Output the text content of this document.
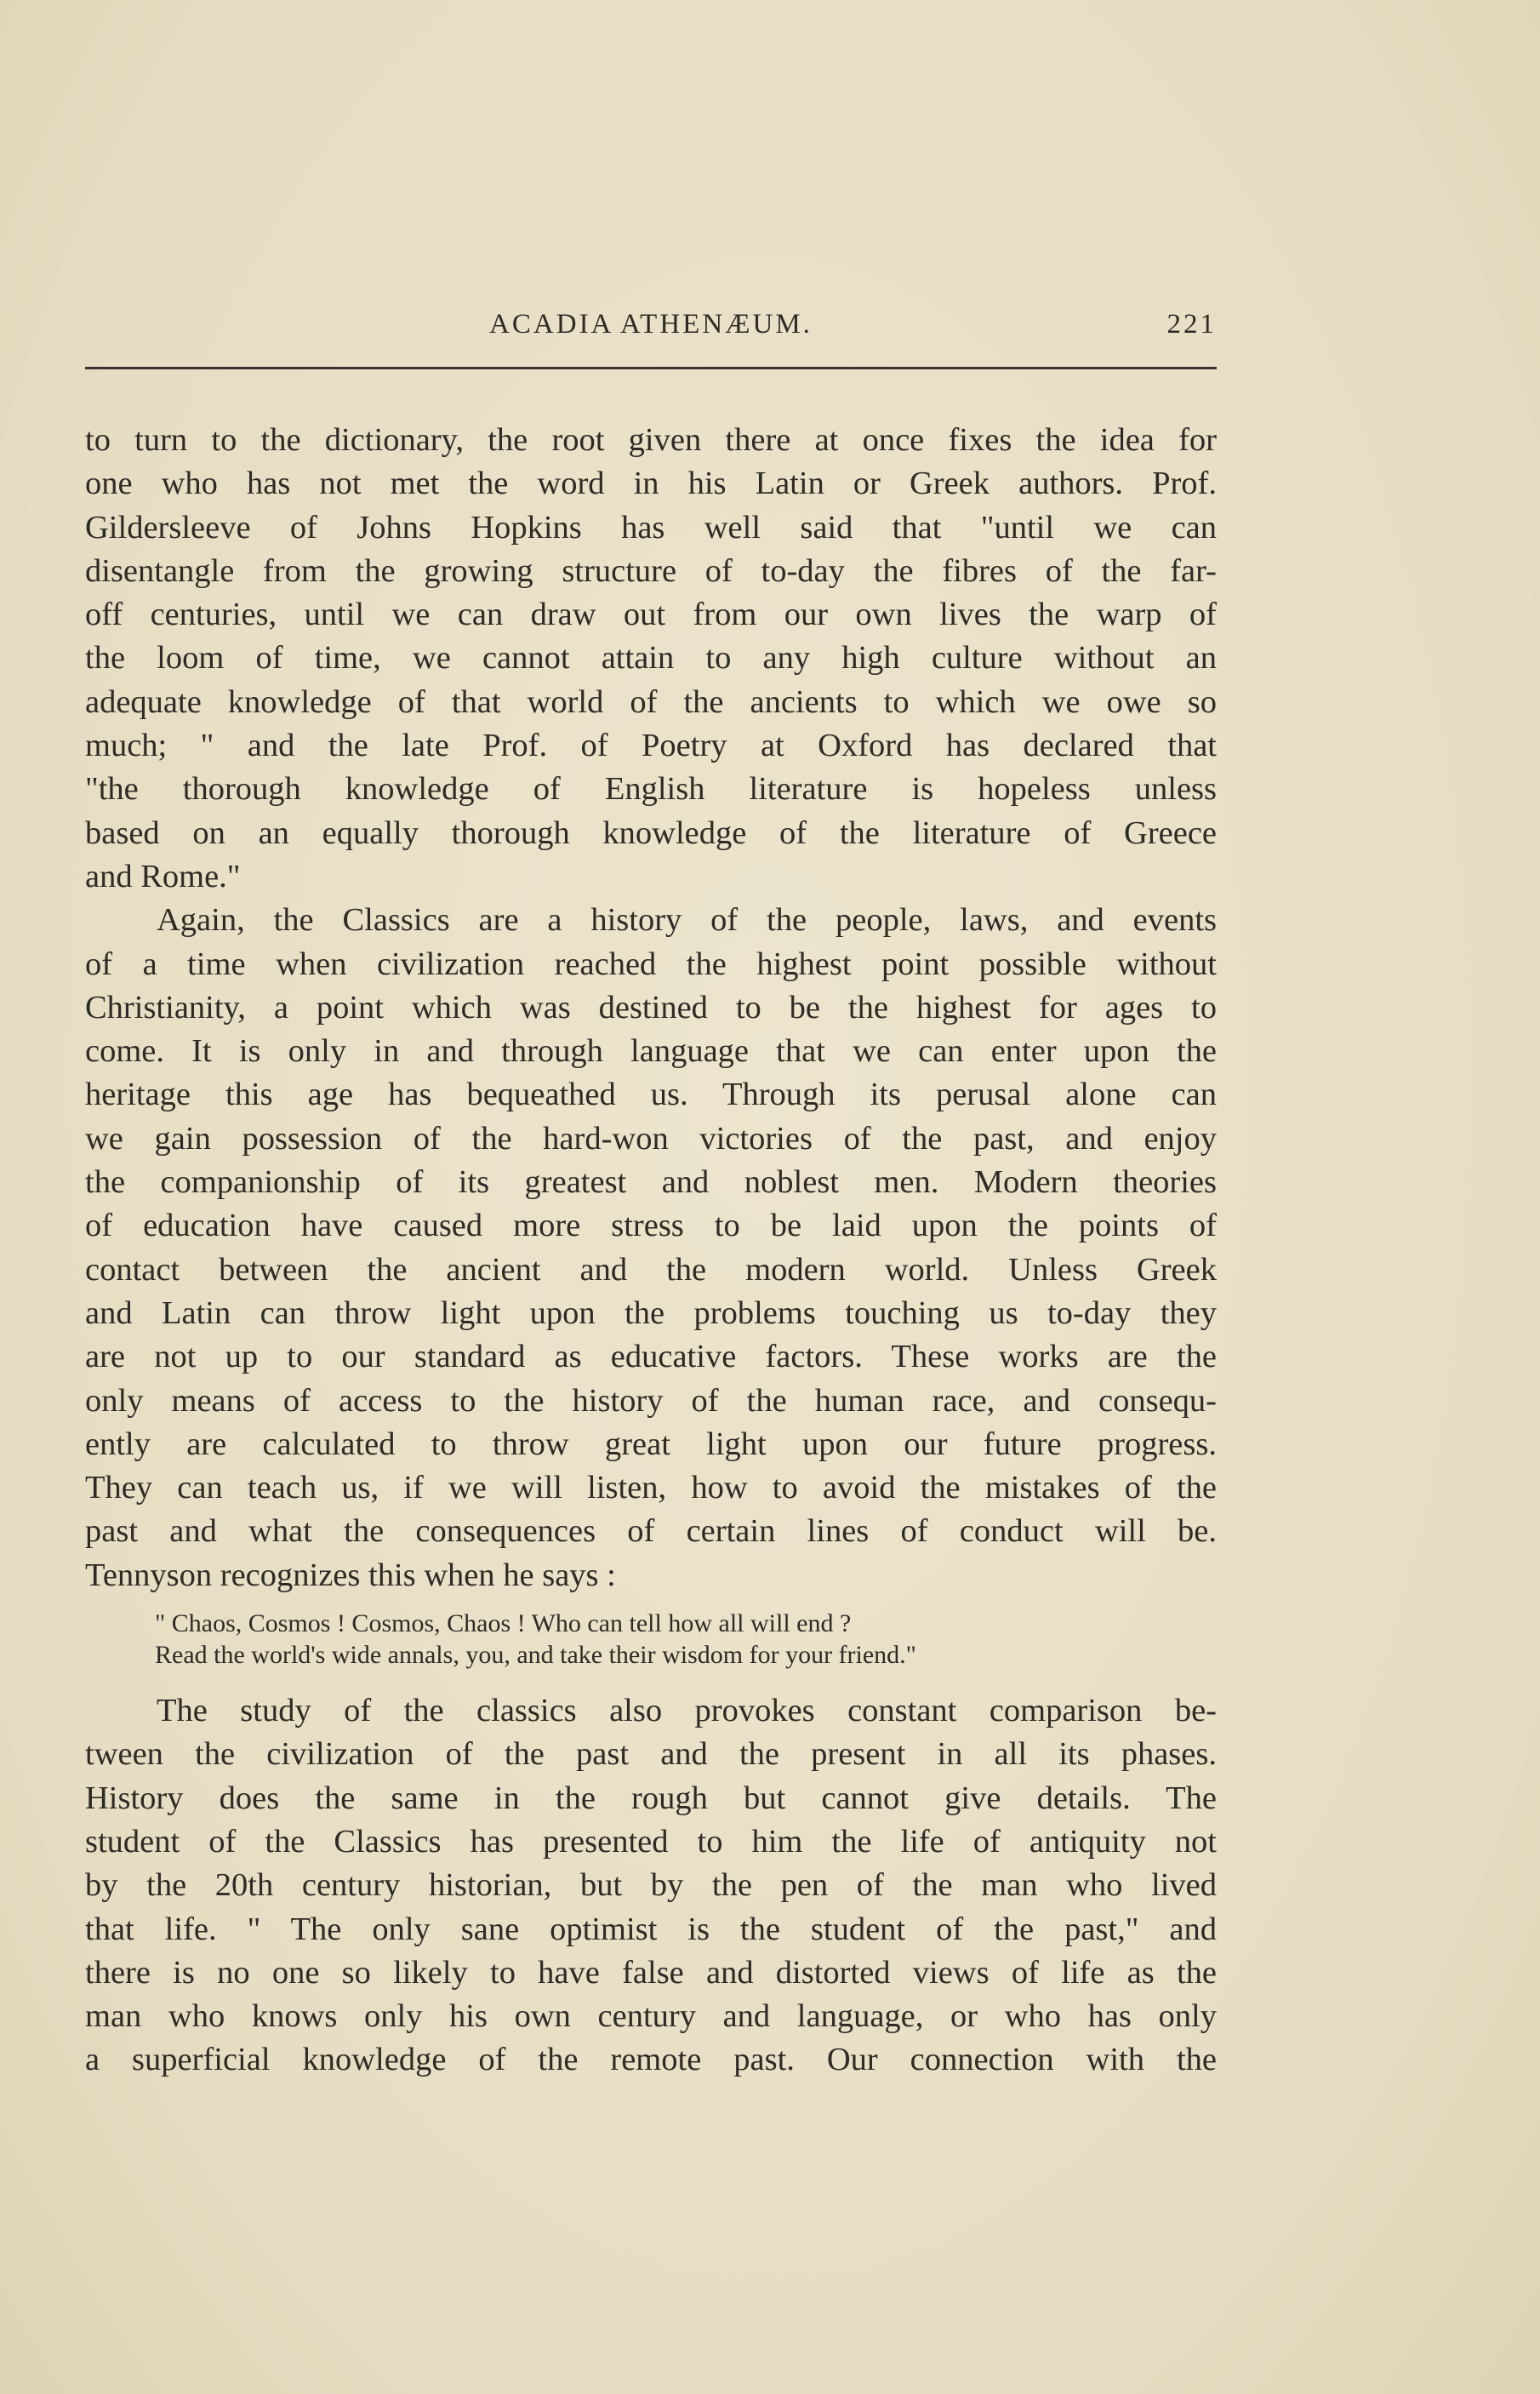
ACADIA ATHENÆUM.	221
to turn to the dictionary, the root given there at once fixes the idea for
one who has not met the word in his Latin or Greek authors. Prof.
Gildersleeve of Johns Hopkins has well said that "until we can
disentangle from the growing structure of to-day the fibres of the far-
off centuries, until we can draw out from our own lives the warp of
the loom of time, we cannot attain to any high culture without an
adequate knowledge of that world of the ancients to which we owe so
much; " and the late Prof. of Poetry at Oxford has declared that
"the thorough knowledge of English literature is hopeless unless
based on an equally thorough knowledge of the literature of Greece
and Rome."
Again, the Classics are a history of the people, laws, and events
of a time when civilization reached the highest point possible without
Christianity, a point which was destined to be the highest for ages to
come. It is only in and through language that we can enter upon the
heritage this age has bequeathed us. Through its perusal alone can
we gain possession of the hard-won victories of the past, and enjoy
the companionship of its greatest and noblest men. Modern theories
of education have caused more stress to be laid upon the points of
contact between the ancient and the modern world. Unless Greek
and Latin can throw light upon the problems touching us to-day they
are not up to our standard as educative factors. These works are the
only means of access to the history of the human race, and consequ-
ently are calculated to throw great light upon our future progress.
They can teach us, if we will listen, how to avoid the mistakes of the
past and what the consequences of certain lines of conduct will be.
Tennyson recognizes this when he says :
" Chaos, Cosmos ! Cosmos, Chaos ! Who can tell how all will end ?
Read the world's wide annals, you, and take their wisdom for your friend."
The study of the classics also provokes constant comparison be-
tween the civilization of the past and the present in all its phases.
History does the same in the rough but cannot give details. The
student of the Classics has presented to him the life of antiquity not
by the 20th century historian, but by the pen of the man who lived
that life. " The only sane optimist is the student of the past," and
there is no one so likely to have false and distorted views of life as the
man who knows only his own century and language, or who has only
a superficial knowledge of the remote past. Our connection with the
